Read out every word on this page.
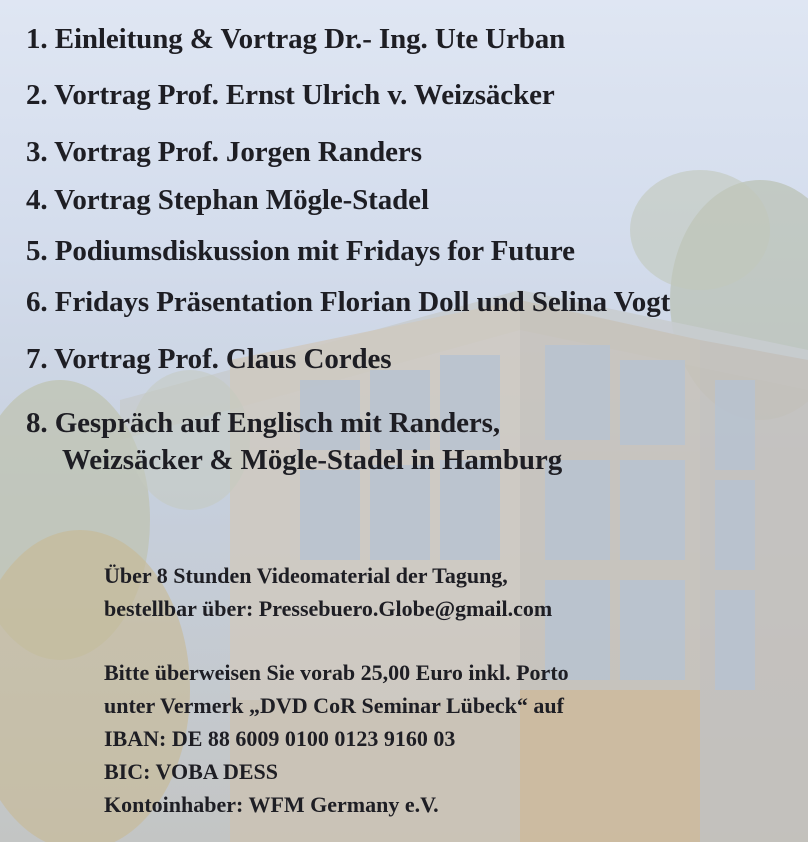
1. Einleitung & Vortrag Dr.- Ing. Ute Urban
2. Vortrag Prof. Ernst Ulrich v. Weizsäcker
3. Vortrag Prof. Jorgen Randers
4. Vortrag Stephan Mögle-Stadel
5. Podiumsdiskussion mit Fridays for Future
6. Fridays Präsentation Florian Doll und Selina Vogt
7. Vortrag Prof. Claus Cordes
8. Gespräch auf Englisch mit Randers,
Weizsäcker & Mögle-Stadel in Hamburg
Über 8 Stunden Videomaterial der Tagung,
bestellbar über: Pressebuero.Globe@gmail.com
Bitte überweisen Sie vorab 25,00 Euro inkl. Porto
unter Vermerk „DVD CoR Seminar Lübeck“ auf
IBAN: DE 88 6009 0100 0123 9160 03
BIC: VOBA DESS
Kontoinhaber: WFM Germany e.V.
